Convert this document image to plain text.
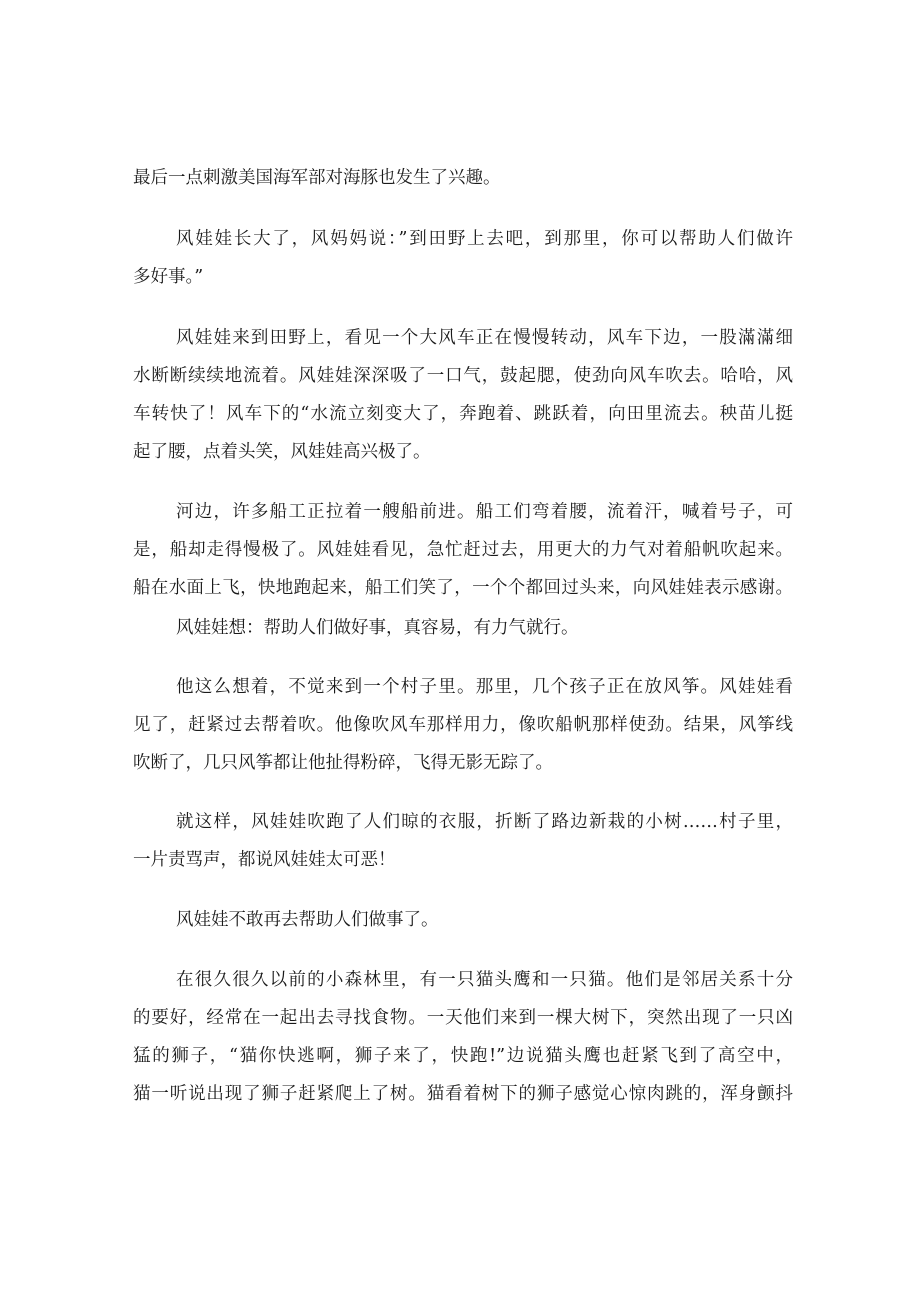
最后一点刺激美国海军部对海豚也发生了兴趣。
风娃娃长大了，风妈妈说：”到田野上去吧，到那里，你可以帮助人们做许
多好事。”
风娃娃来到田野上，看见一个大风车正在慢慢转动，风车下边，一股滿滿细
水断断续续地流着。风娃娃深深吸了一口气，鼓起腮，使劲向风车吹去。哈哈，风
车转快了！风车下的“水流立刻变大了，奔跑着、跳跃着，向田里流去。秧苗儿挺
起了腰，点着头笑，风娃娃高兴极了。
河边，许多船工正拉着一艘船前进。船工们弯着腰，流着汗，喊着号子，可
是，船却走得慢极了。风娃娃看见，急忙赶过去，用更大的力气对着船帆吹起来。
船在水面上飞，快地跑起来，船工们笑了，一个个都回过头来，向风娃娃表示感谢。
风娃娃想：帮助人们做好事，真容易，有力气就行。
他这么想着，不觉来到一个村子里。那里，几个孩子正在放风筝。风娃娃看
见了，赶紧过去帮着吹。他像吹风车那样用力，像吹船帆那样使劲。结果，风筝线
吹断了，几只风筝都让他扯得粉碎，飞得无影无踪了。
就这样，风娃娃吹跑了人们晾的衣服，折断了路边新栽的小树……村子里，
一片责骂声，都说风娃娃太可恶！
风娃娃不敢再去帮助人们做事了。
在很久很久以前的小森林里，有一只猫头鹰和一只猫。他们是邻居关系十分
的要好，经常在一起出去寻找食物。一天他们来到一棵大树下，突然出现了一只凶
猛的狮子，“猫你快逃啊，狮子来了，快跑!”边说猫头鹰也赶紧飞到了高空中，
猫一听说出现了狮子赶紧爬上了树。猫看着树下的狮子感觉心惊肉跳的，浑身颤抖
